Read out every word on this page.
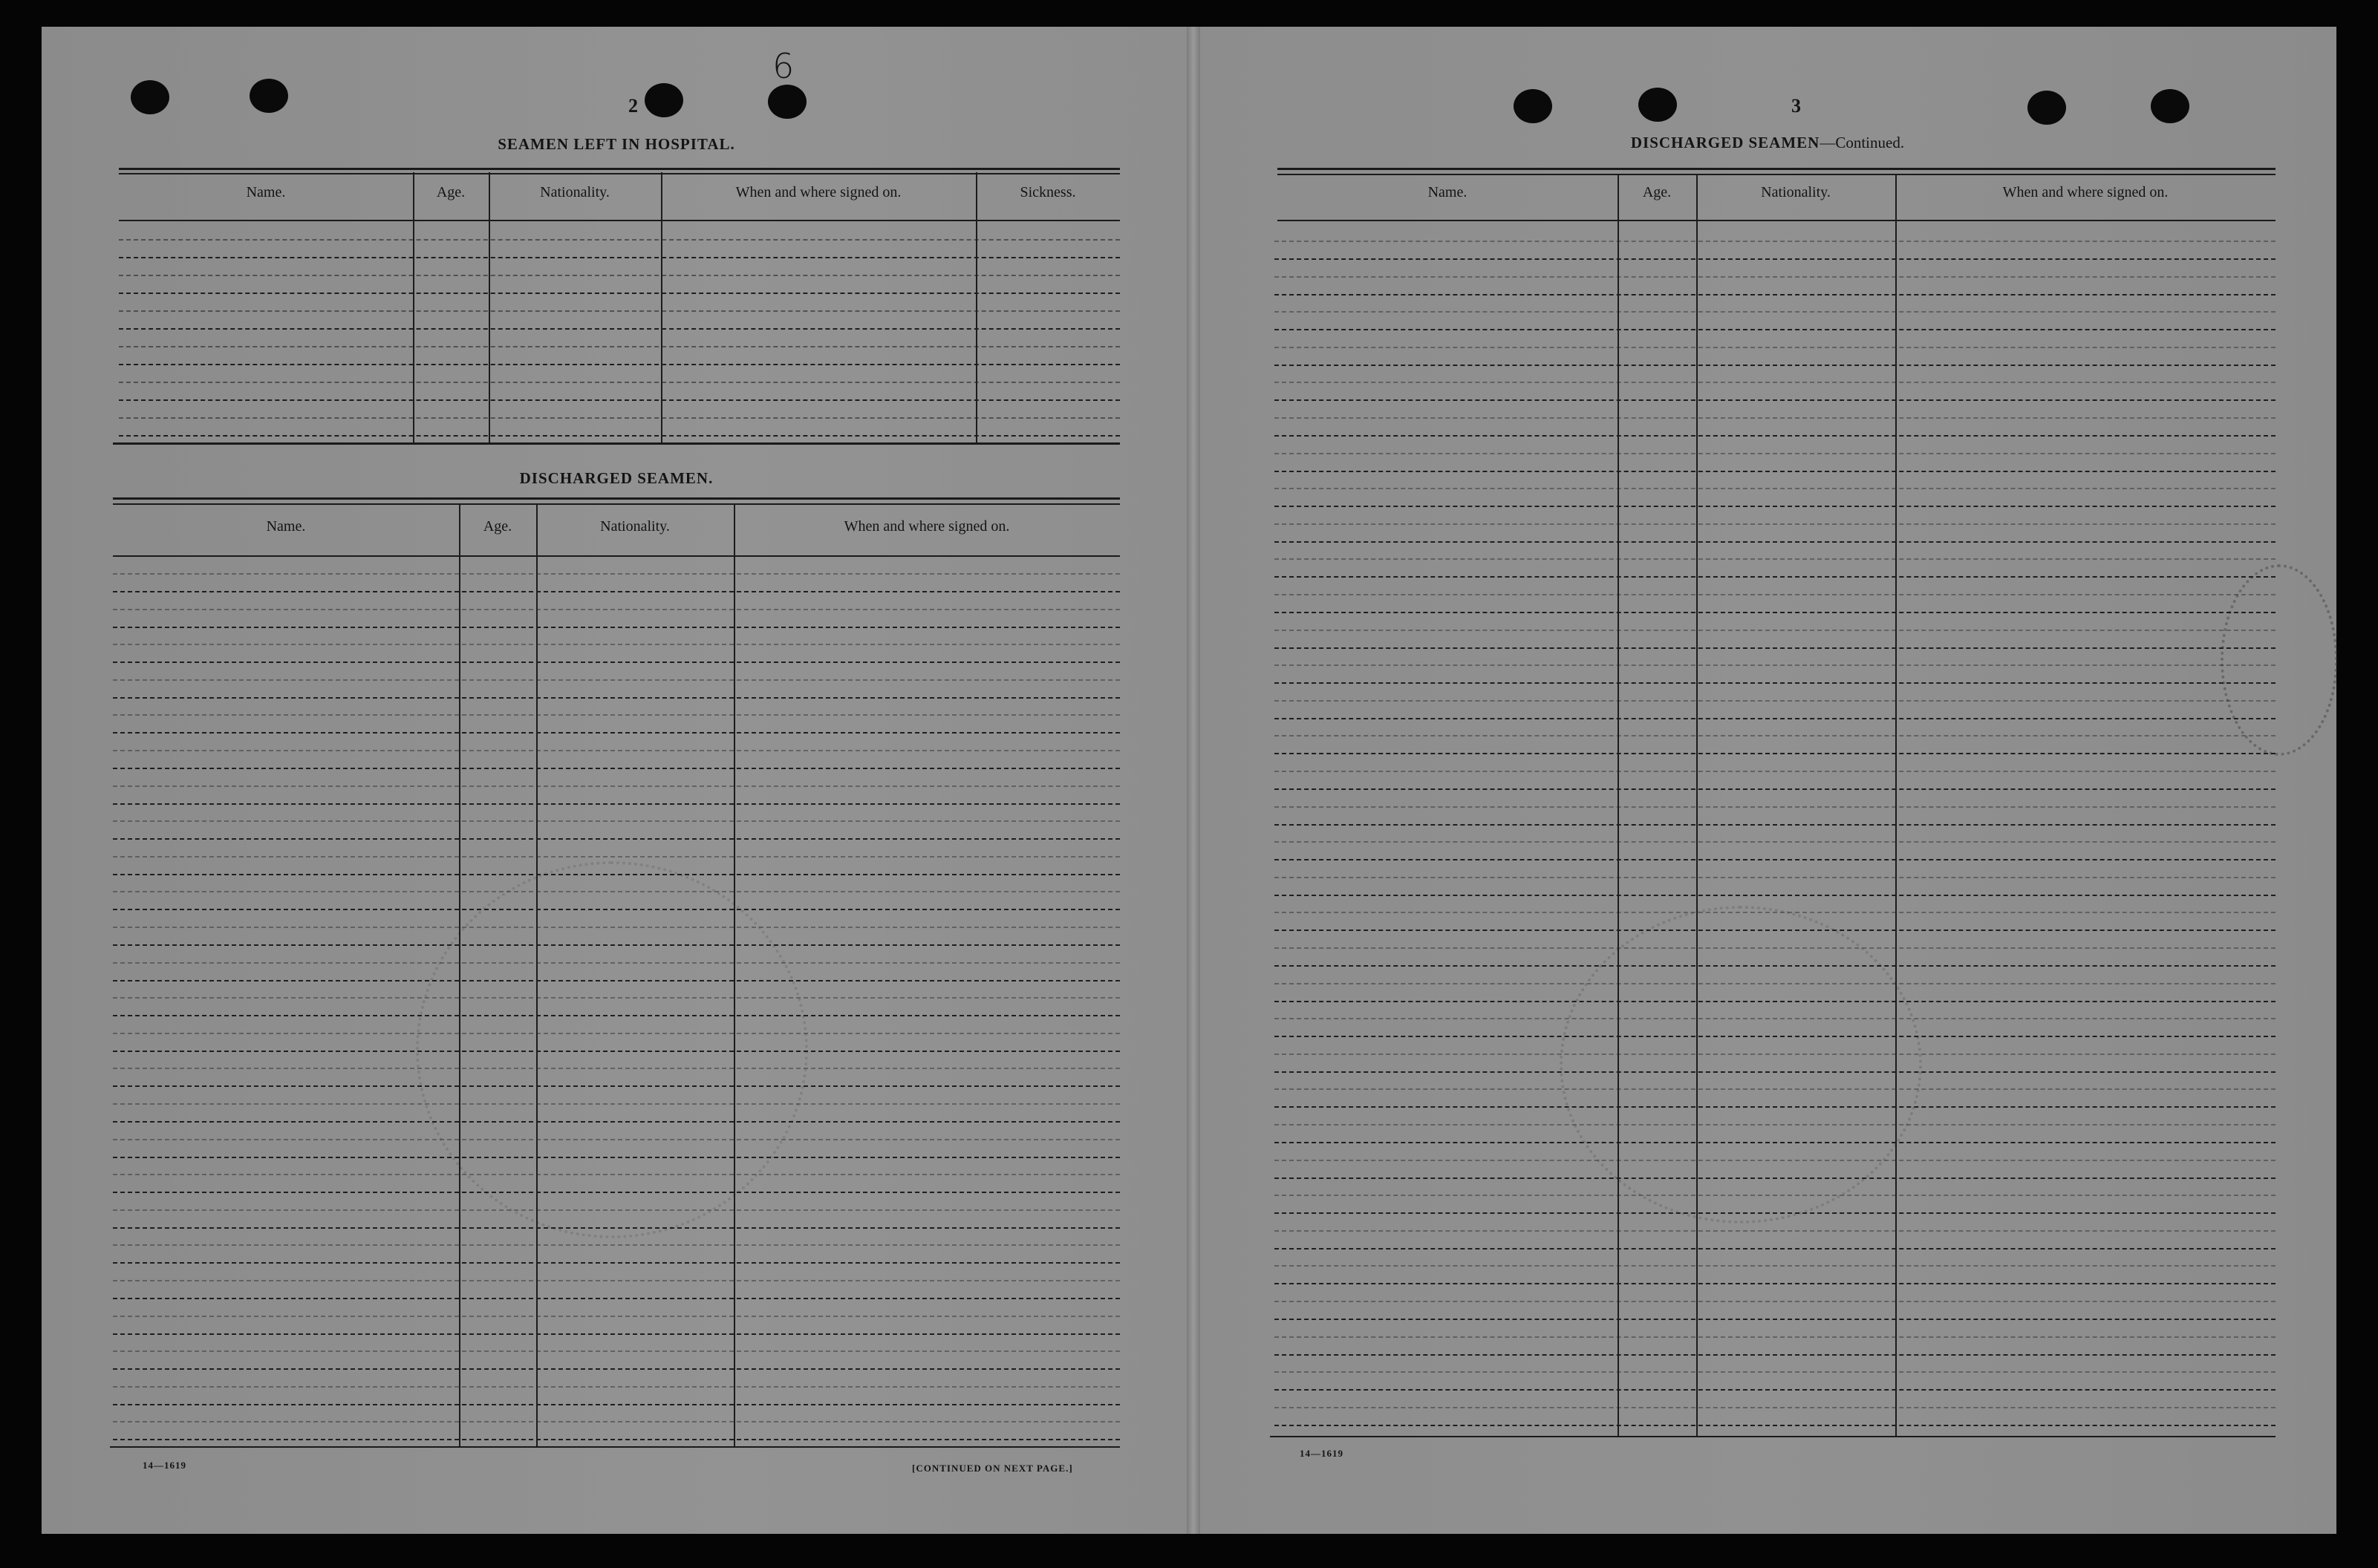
2
6
SEAMEN LEFT IN HOSPITAL.
DISCHARGED SEAMEN.
14—1619	[CONTINUED ON NEXT PAGE.]
3
DISCHARGED SEAMEN—Continued.
14—1619
Name.	Age.	Nationality.	When and where signed on.	Sickness.
Name.	Age.	Nationality.	When and where signed on.
Name.	Age.	Nationality.	When and where signed on.
